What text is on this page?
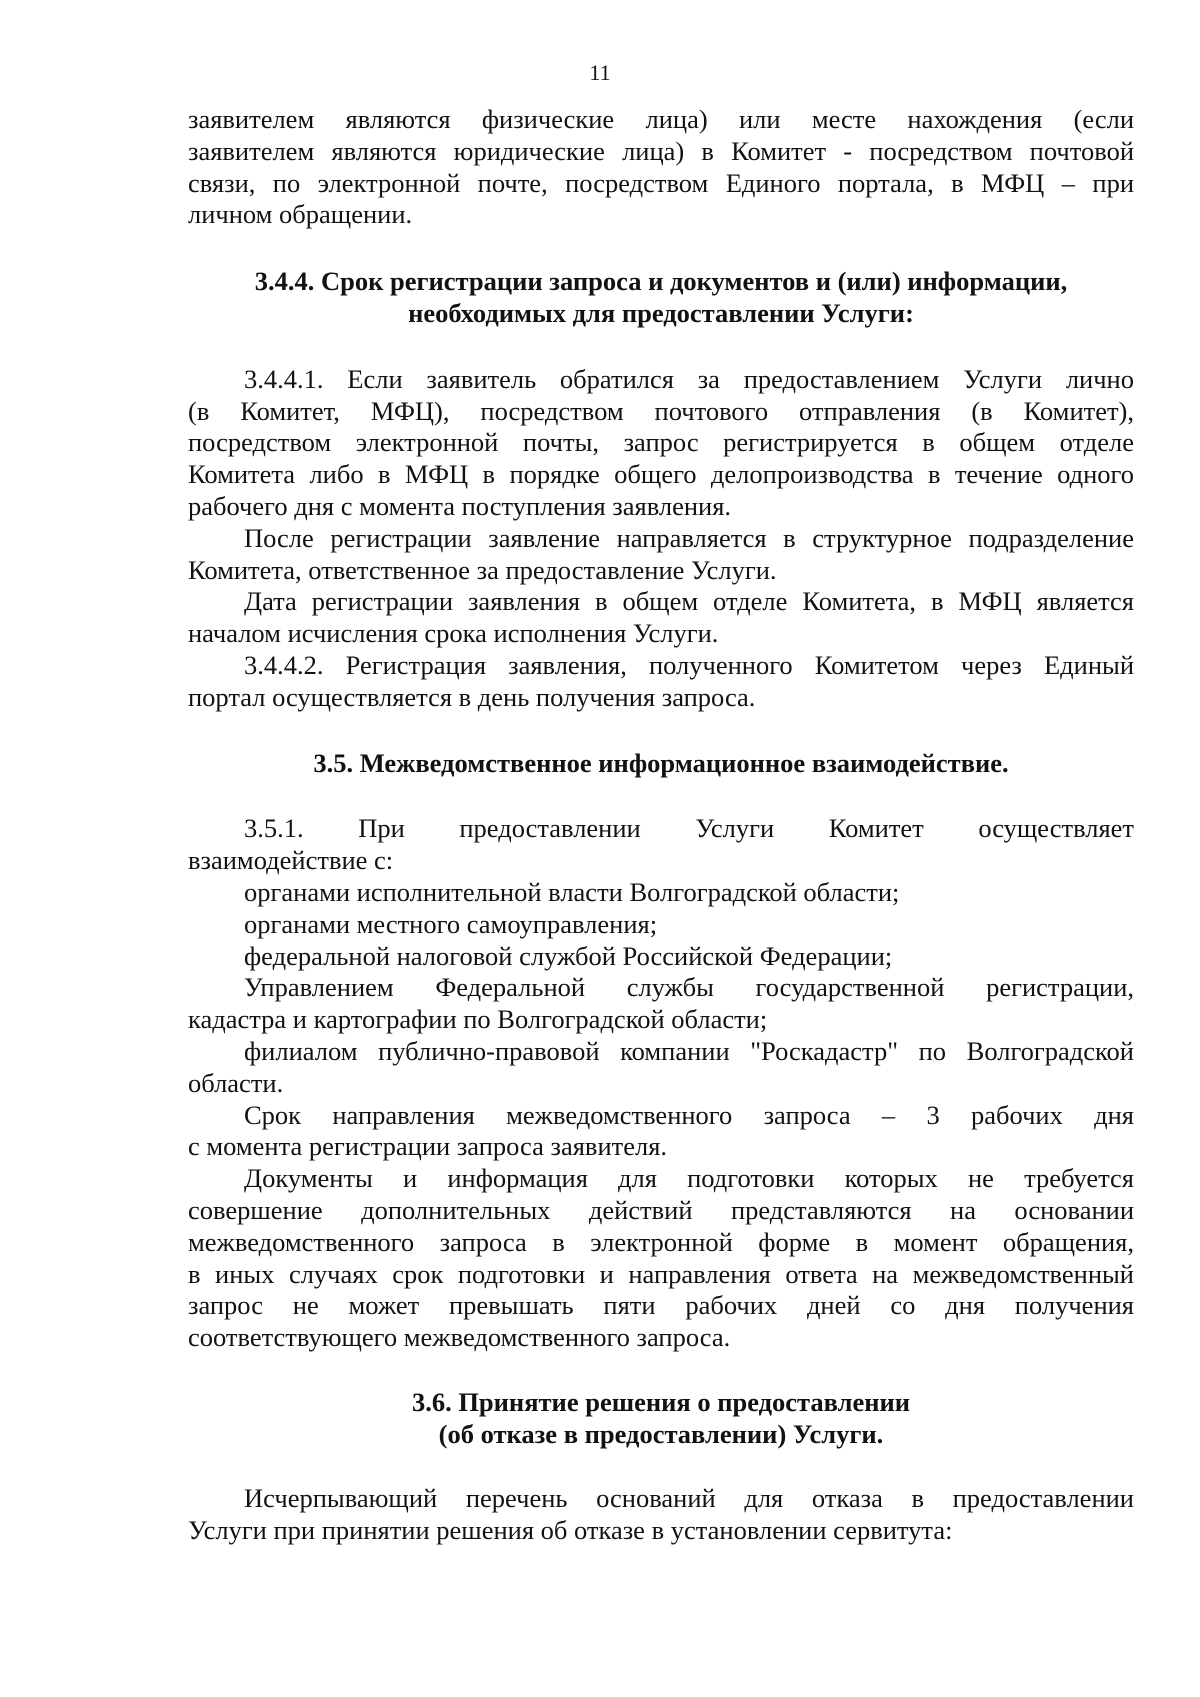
11

заявителем являются физические лица) или месте нахождения (если
заявителем являются юридические лица) в Комитет - посредством почтовой
связи, по электронной почте, посредством Единого портала, в МФЦ – при
личном обращении.

3.4.4. Срок регистрации запроса и документов и (или) информации,
необходимых для предоставлении Услуги:

3.4.4.1. Если заявитель обратился за предоставлением Услуги лично
(в Комитет, МФЦ), посредством почтового отправления (в Комитет),
посредством электронной почты, запрос регистрируется в общем отделе
Комитета либо в МФЦ в порядке общего делопроизводства в течение одного
рабочего дня с момента поступления заявления.

После регистрации заявление направляется в структурное подразделение
Комитета, ответственное за предоставление Услуги.

Дата регистрации заявления в общем отделе Комитета, в МФЦ является
началом исчисления срока исполнения Услуги.

3.4.4.2. Регистрация заявления, полученного Комитетом через Единый
портал осуществляется в день получения запроса.

3.5. Межведомственное информационное взаимодействие.

3.5.1. При предоставлении Услуги Комитет осуществляет
взаимодействие с:

органами исполнительной власти Волгоградской области;

органами местного самоуправления;

федеральной налоговой службой Российской Федерации;

Управлением Федеральной службы государственной регистрации,
кадастра и картографии по Волгоградской области;

филиалом публично-правовой компании "Роскадастр" по Волгоградской
области.

Срок направления межведомственного запроса – 3 рабочих дня
с момента регистрации запроса заявителя.

Документы и информация для подготовки которых не требуется
совершение дополнительных действий представляются на основании
межведомственного запроса в электронной форме в момент обращения,
в иных случаях срок подготовки и направления ответа на межведомственный
запрос не может превышать пяти рабочих дней со дня получения
соответствующего межведомственного запроса.

3.6. Принятие решения о предоставлении
(об отказе в предоставлении) Услуги.

Исчерпывающий перечень оснований для отказа в предоставлении
Услуги при принятии решения об отказе в установлении сервитута:
